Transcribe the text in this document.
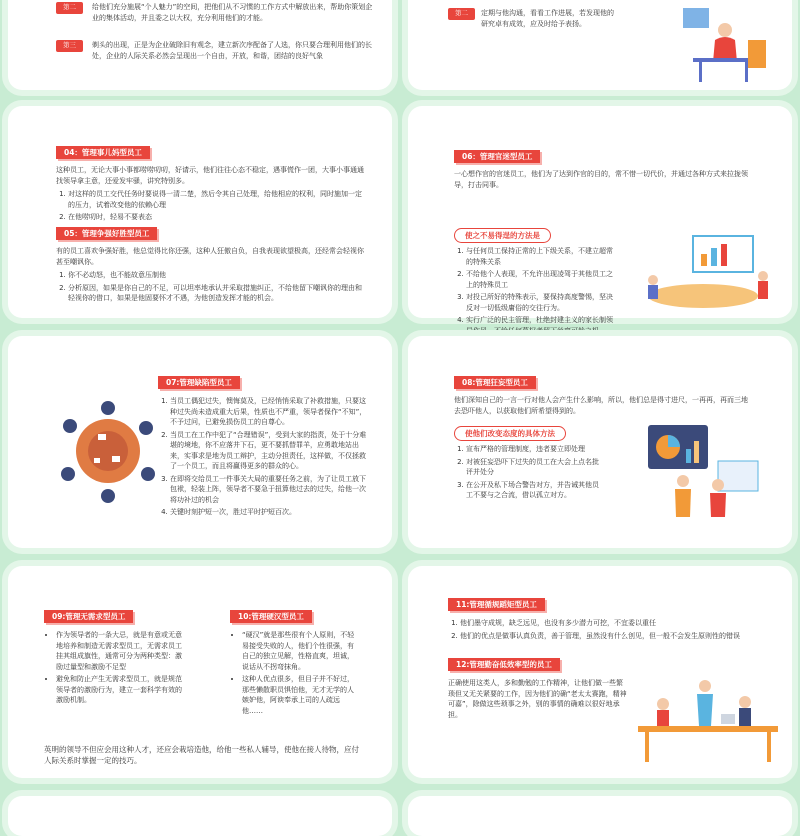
第二	给他们充分施展“个人魅力”的空间，把他们从不习惯的工作方式中解放出来，帮助你策划企业的集体活动，并且委之以大权，充分利用他们的才能。

第三	剃头的出现，正是为企业破除旧有观念，建立新次序配备了人选，你只要合理利用他们的长处，企业的人际关系必然会呈现出一个自由，开放，和谐，团结的良好气象

第二	定期与他沟通，看看工作进展，若发现他的研究卓有成效，应及时给予表扬。

04：管理事儿妈型员工

这种员工，无论大事小事都唠唠叨叨，好请示，他们往往心态不稳定，遇事慌作一团，大事小事通通找领导拿主意，还爱发牢骚，讲究特别多。

1. 对这样的员工交代任务时要说得一清二楚，然后令其自己处理，给他相应的权利，同时施加一定的压力，试着改变他的依赖心理
2. 在他唠叨时，轻易不要表态
05：管理争强好胜型员工

有的员工喜欢争强好胜，他总觉得比你还强，这种人狂傲自负，自我表现欲望极高，还经常会轻视你甚至嘲讽你。

1. 你不必动怒，也不能故意压制他
2. 分析原因，如果是你自己的不足，可以坦率地承认并采取措施纠正，不给他留下嘲讽你的理由和轻视你的借口，如果是他固要怀才不遇，为他创造发挥才能的机会。
06：管理官迷型员工

一心想作官的官迷员工，他们为了达到作官的目的，常不惜一切代价，并通过各种方式来拉拢领导，打击同事。

使之不易得逞的方法是
1. 与任何员工保持正常的上下级关系，不建立超常的特殊关系
2. 不给他个人表现，不允许出现凌驾于其他员工之上的特殊员工
3. 对投己所好的特殊表示，要保持高度警惕，坚决反对一切低级庸俗的交往行为。
4. 实行广泛的民主管理，杜绝封建主义的家长制领导作风，不给任何墓权者留下丝毫可趁之机。
07:管理缺陷型员工
1. 当员工偶犯过失，懊悔莫及，已经悄悄采取了补救措施，只要这种过失尚未造成重大后果，性质也不严重，领导者保作“不知”，不予过问，已避免损伤员工的自尊心。
2. 当员工在工作中犯了“合理错误”，受到大家的指责，处于十分难堪的境地，你不应落井下石，更不要抓替罪羊，应勇敢地站出来，实事求是地为员工辩护，主动分担责任，这样做，不仅拯救了一个员工，而且将赢得更多的群众的心。
3. 在即将交给员工一件事关大局的重要任务之前，为了让员工放下包袱，轻装上阵，领导者不要急于扭算他过去的过失，给他一次将功补过的机会
4. 关键时刻护短一次，胜过平时护短百次。
08:管理狂妄型员工

他们深知自己的一言一行对他人会产生什么影响，所以，他们总是得寸进尺，一再再，再而三地去恐吓他人，以获取他们所希望得到的。

使他们改变态度的具体方法
1. 宣布严格的管理制度，违者要立即处理
2. 对被狂妄恐吓下过失的员工在大会上点名批评并处分
3. 在公开及私下场合警告对方，并告诫其他员工不要与之合流，借以孤立对方。
09:管理无需求型员工
• 作为领导者的一条大忌，就是有意或无意地培养和制造无需求型员工，无需求员工挂其组成旗性，通常可分为两种类型：激励过量型和激励不足型
• 避免和防止产生无需求型员工，就是规范领导者的激励行为，建立一套科学有效的激励机制。
10:管理硬汉型员工
• “硬汉”就是那些很有个人原则，不轻易接受失败的人，他们个性很强，有自己的独立见解，性格直爽，坦诚，说话从不拐弯抹角。
• 这种人优点很多，但目子并不好过，那些懒散职员惧怕他，无才无学的人嫉妒他，阿谀奉承上司的人疏远他……

英明的领导不但应会用这种人才，还应会栽培造他，给他一些私人辅导，使他在接人待物，应付人际关系时掌握一定的技巧。

11:管理循规蹈矩型员工
1. 他们墨守成规，缺乏远见，也没有多少潜力可挖，不宜委以重任
2. 他们的优点是做事认真负责，善于管理，虽然没有什么创见，但一般不会发生原则性的错误
12:管理勤奋低效率型的员工

正确使用这类人，多和勤勉的工作精神，让他们做一些繁琐但又无关紧要的工作，因为他们的确“老太太赛跑，精神可嘉”，除做这些琐事之外，别的事情的确难以很好地承担。
